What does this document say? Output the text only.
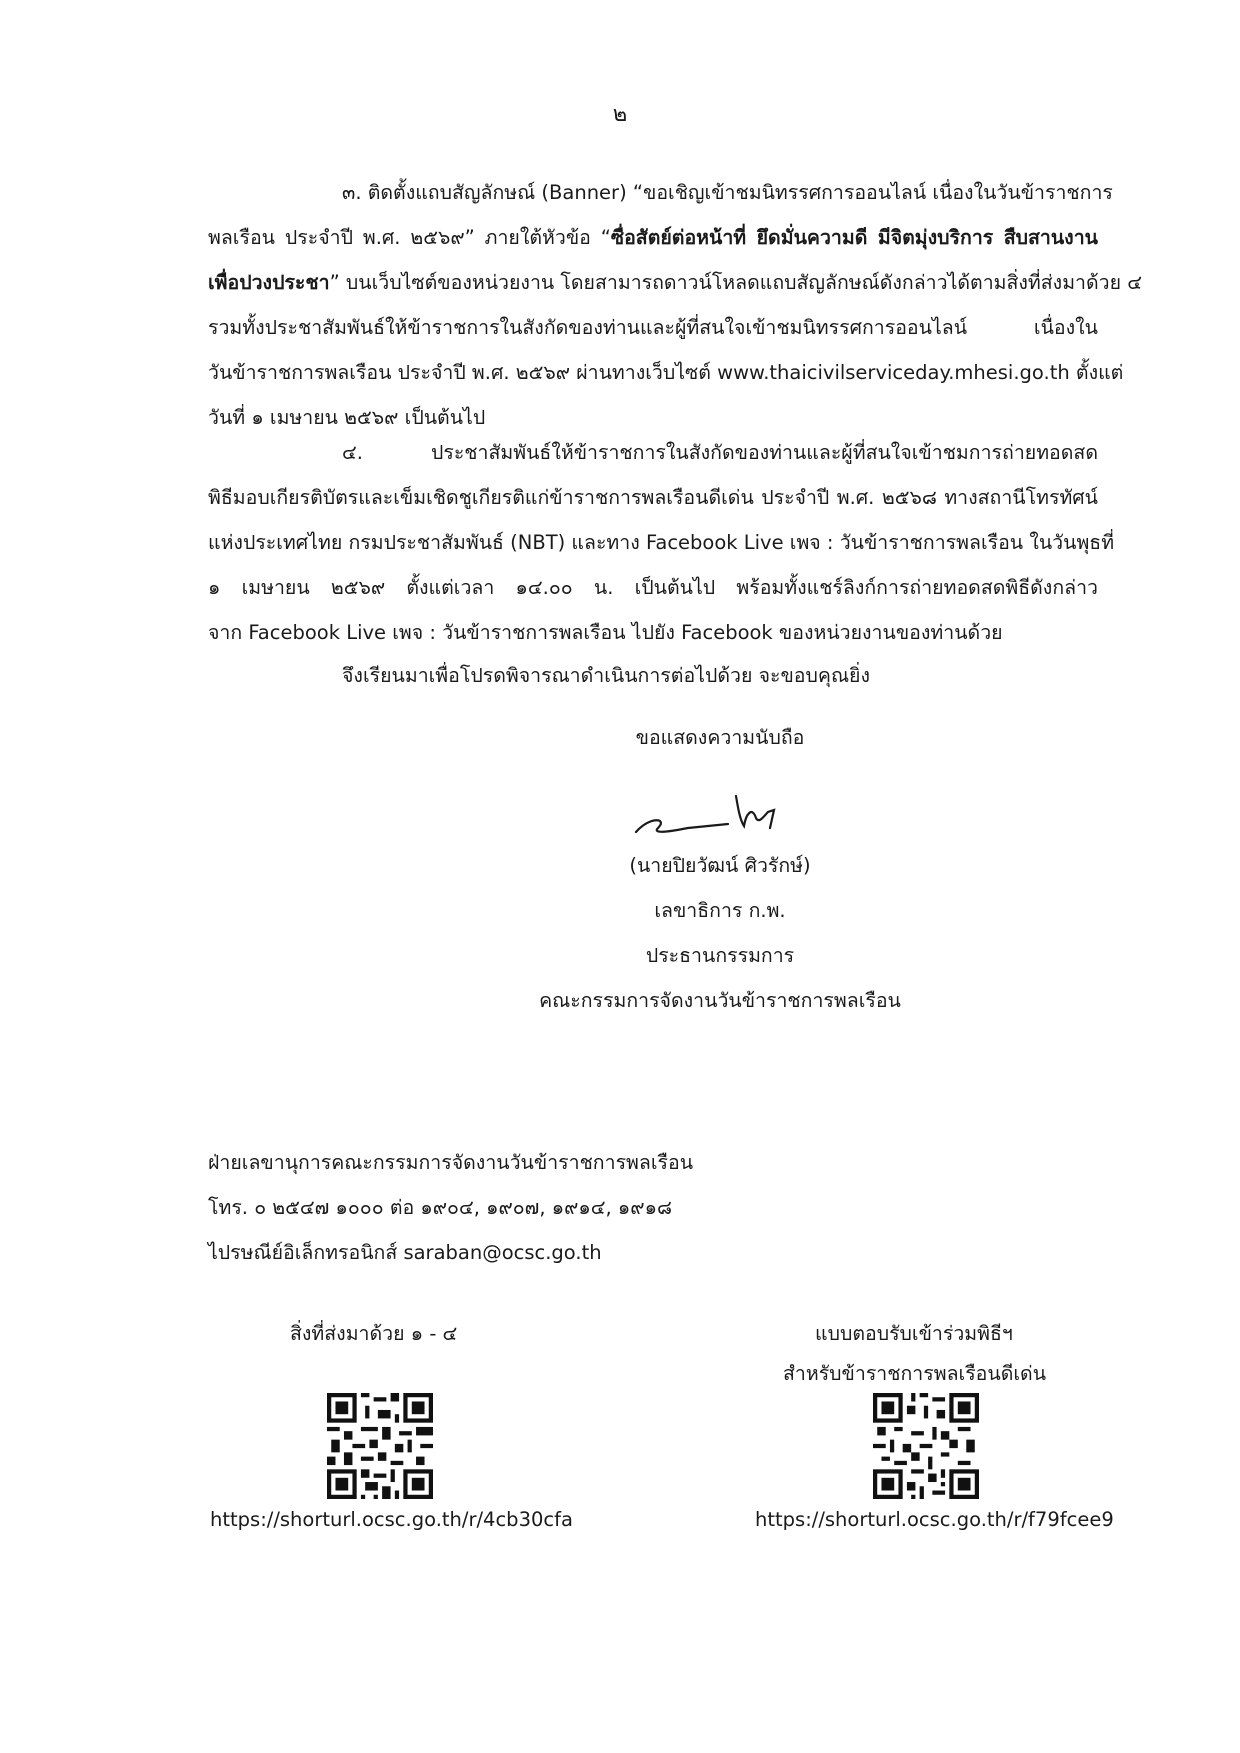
๒
๓. ติดตั้งแถบสัญลักษณ์ (Banner) “ขอเชิญเข้าชมนิทรรศการออนไลน์ เนื่องในวันข้าราชการ
พลเรือน ประจำปี พ.ศ. ๒๕๖๙” ภายใต้หัวข้อ “ซื่อสัตย์ต่อหน้าที่ ยึดมั่นความดี มีจิตมุ่งบริการ สืบสานงาน
เพื่อปวงประชา” บนเว็บไซต์ของหน่วยงาน โดยสามารถดาวน์โหลดแถบสัญลักษณ์ดังกล่าวได้ตามสิ่งที่ส่งมาด้วย ๔
รวมทั้งประชาสัมพันธ์ให้ข้าราชการในสังกัดของท่านและผู้ที่สนใจเข้าชมนิทรรศการออนไลน์ เนื่องใน
วันข้าราชการพลเรือน ประจำปี พ.ศ. ๒๕๖๙ ผ่านทางเว็บไซต์ www.thaicivilserviceday.mhesi.go.th ตั้งแต่
วันที่ ๑ เมษายน ๒๕๖๙ เป็นต้นไป
๔. ประชาสัมพันธ์ให้ข้าราชการในสังกัดของท่านและผู้ที่สนใจเข้าชมการถ่ายทอดสด
พิธีมอบเกียรติบัตรและเข็มเชิดชูเกียรติแก่ข้าราชการพลเรือนดีเด่น ประจำปี พ.ศ. ๒๕๖๘ ทางสถานีโทรทัศน์
แห่งประเทศไทย กรมประชาสัมพันธ์ (NBT) และทาง Facebook Live เพจ : วันข้าราชการพลเรือน ในวันพุธที่
๑ เมษายน ๒๕๖๙ ตั้งแต่เวลา ๑๔.๐๐ น. เป็นต้นไป พร้อมทั้งแชร์ลิงก์การถ่ายทอดสดพิธีดังกล่าว
จาก Facebook Live เพจ : วันข้าราชการพลเรือน ไปยัง Facebook ของหน่วยงานของท่านด้วย
จึงเรียนมาเพื่อโปรดพิจารณาดำเนินการต่อไปด้วย จะขอบคุณยิ่ง
ขอแสดงความนับถือ
(นายปิยวัฒน์ ศิวรักษ์)
เลขาธิการ ก.พ.
ประธานกรรมการ
คณะกรรมการจัดงานวันข้าราชการพลเรือน
ฝ่ายเลขานุการคณะกรรมการจัดงานวันข้าราชการพลเรือน
โทร. ๐ ๒๕๔๗ ๑๐๐๐ ต่อ ๑๙๐๔, ๑๙๐๗, ๑๙๑๔, ๑๙๑๘
ไปรษณีย์อิเล็กทรอนิกส์ saraban@ocsc.go.th
สิ่งที่ส่งมาด้วย ๑ - ๔
https://shorturl.ocsc.go.th/r/4cb30cfa
แบบตอบรับเข้าร่วมพิธีฯ
สำหรับข้าราชการพลเรือนดีเด่น
https://shorturl.ocsc.go.th/r/f79fcee9
